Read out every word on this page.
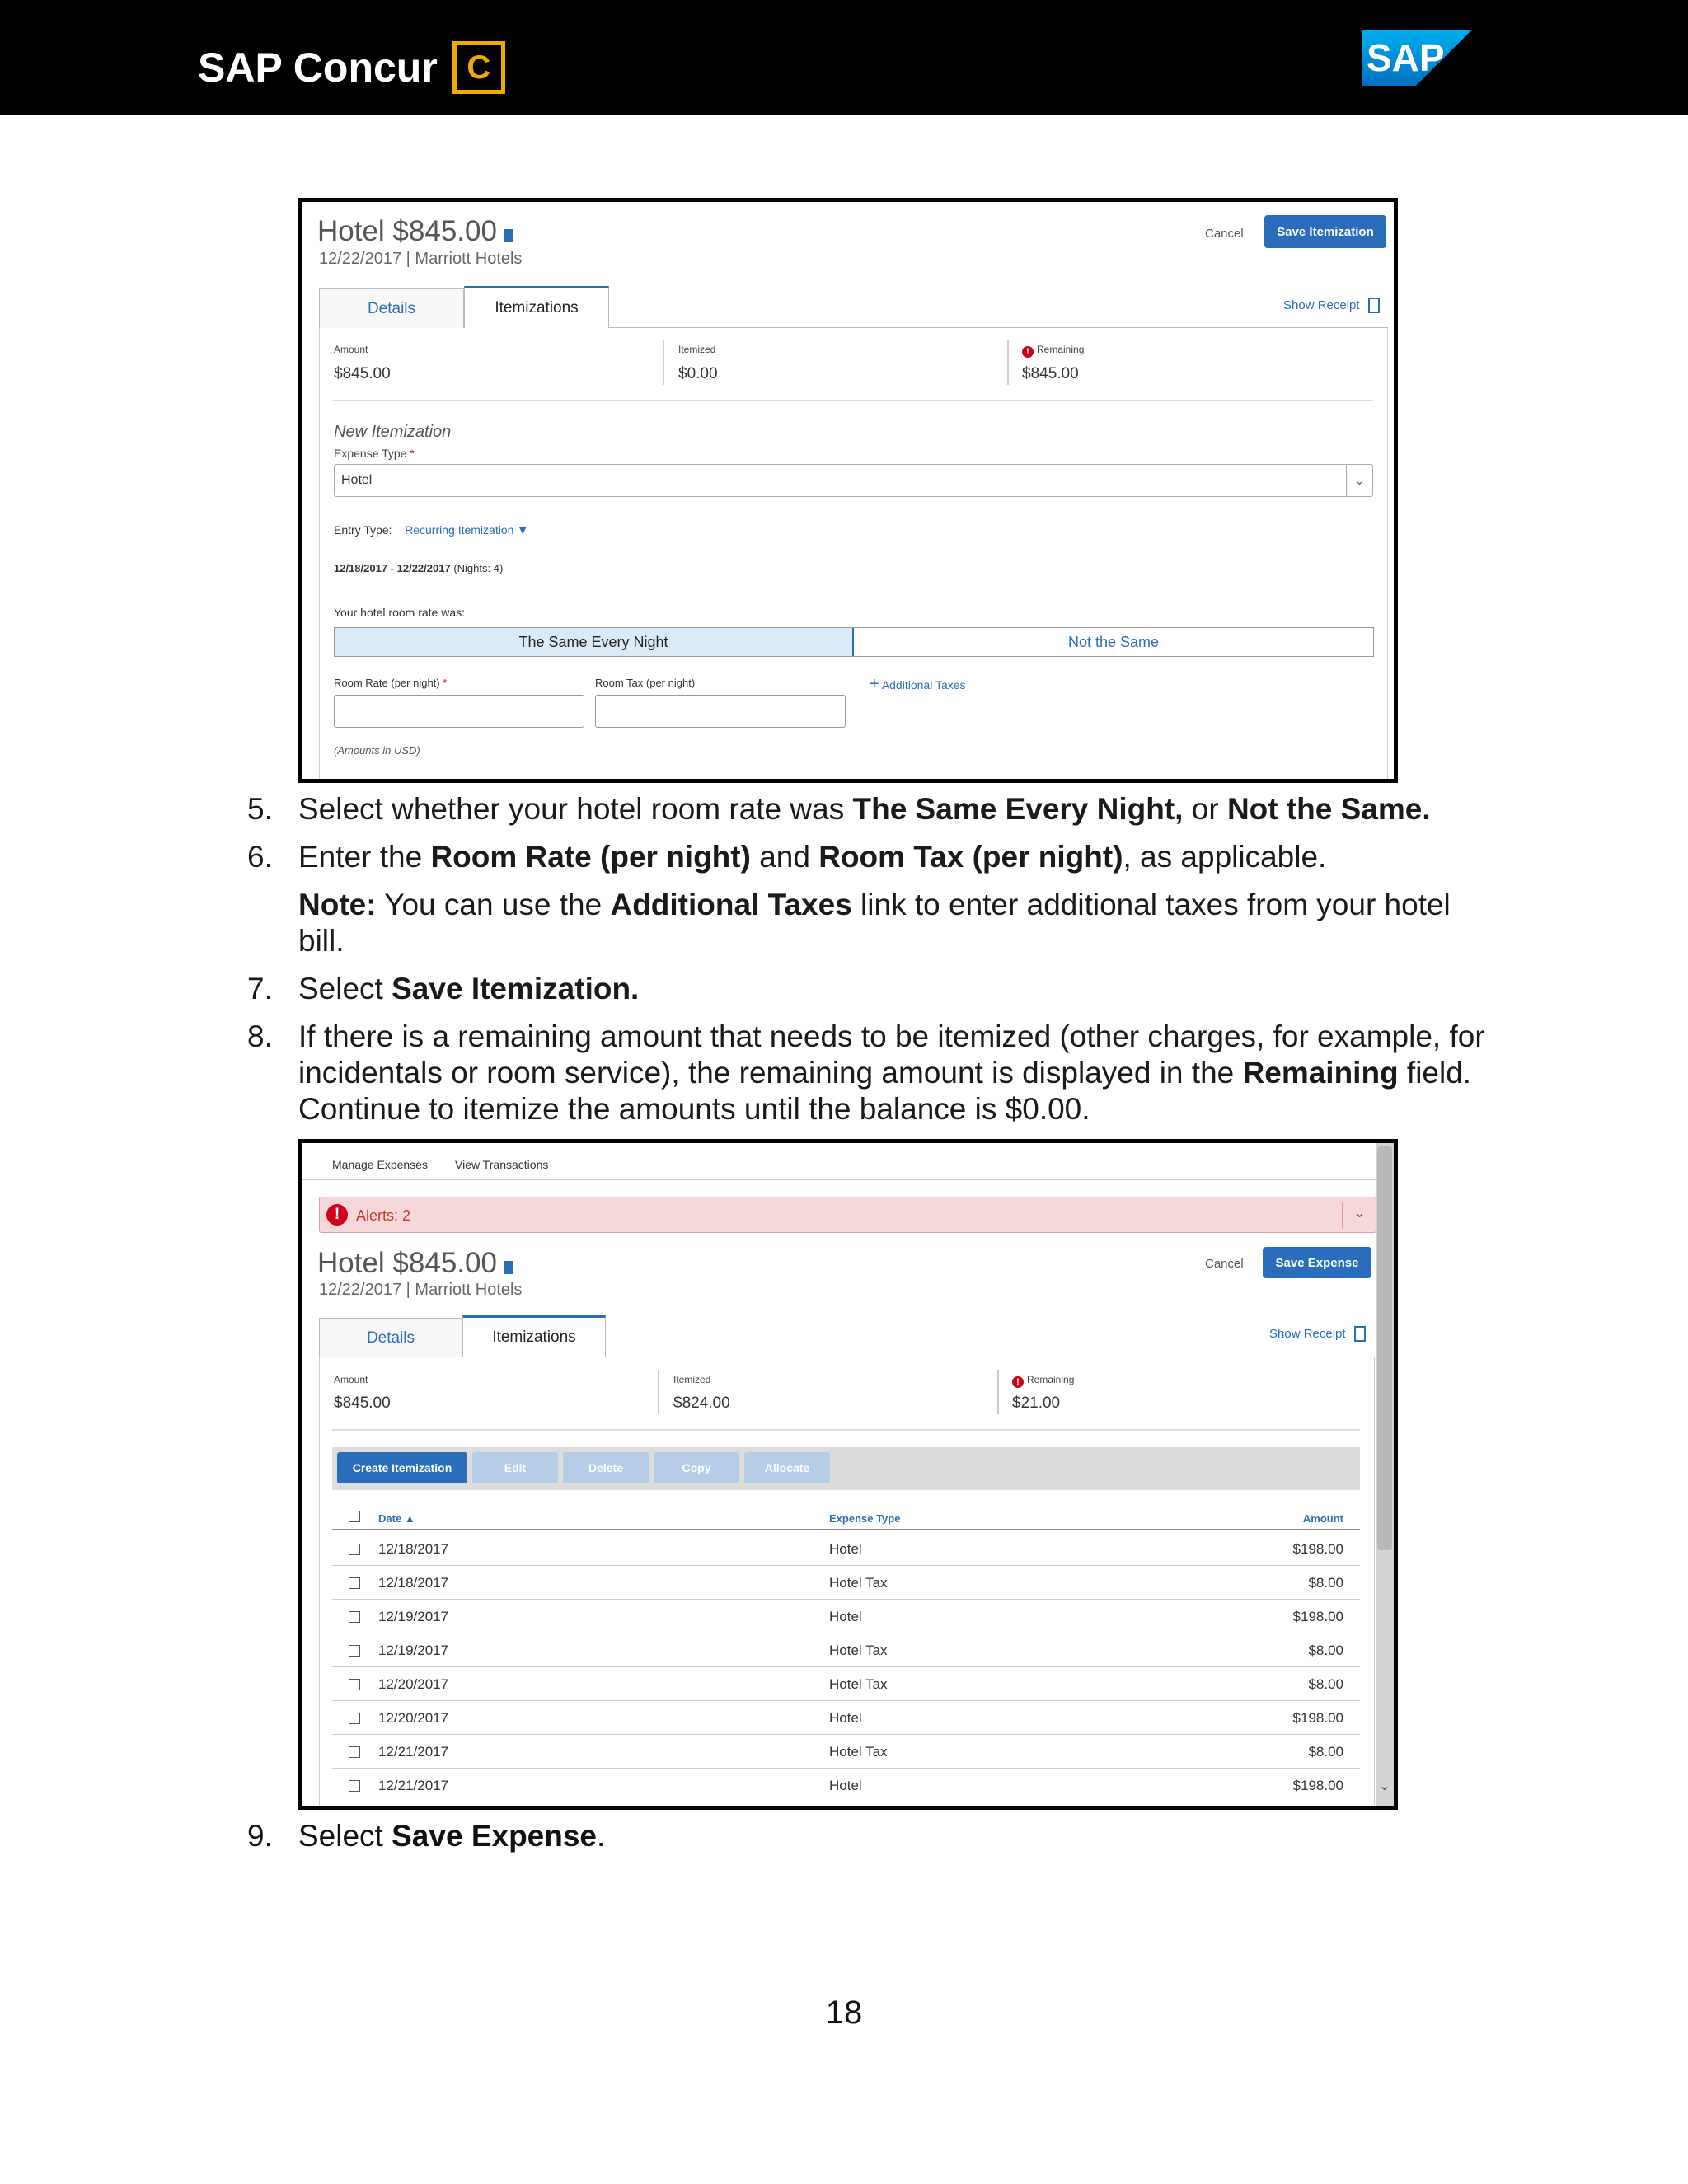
SAP Concur C	SAP
Hotel $845.00
12/22/2017 | Marriott Hotels
Cancel	Save Itemization
Details	Itemizations	Show Receipt
Amount
$845.00
Itemized
$0.00
! Remaining
$845.00
New Itemization
Expense Type *
Hotel	⌄
Entry Type: Recurring Itemization ▼
12/18/2017 - 12/22/2017 (Nights: 4)
Your hotel room rate was:
The Same Every Night	Not the Same
Room Rate (per night) *	Room Tax (per night)	+ Additional Taxes
(Amounts in USD)
5. Select whether your hotel room rate was The Same Every Night, or Not the Same.
6. Enter the Room Rate (per night) and Room Tax (per night), as applicable.
Note: You can use the Additional Taxes link to enter additional taxes from your hotel bill.
7. Select Save Itemization.
8. If there is a remaining amount that needs to be itemized (other charges, for example, for incidentals or room service), the remaining amount is displayed in the Remaining field. Continue to itemize the amounts until the balance is $0.00.
Manage Expenses View Transactions
!	Alerts: 2	⌄
Hotel $845.00
12/22/2017 | Marriott Hotels
Cancel	Save Expense
Details	Itemizations	Show Receipt
Amount
$845.00
Itemized
$824.00
! Remaining
$21.00
Create Itemization	Edit	Delete	Copy	Allocate
Date ▲	Expense Type	Amount
12/18/2017	Hotel	$198.00
12/18/2017	Hotel Tax	$8.00
12/19/2017	Hotel	$198.00
12/19/2017	Hotel Tax	$8.00
12/20/2017	Hotel Tax	$8.00
12/20/2017	Hotel	$198.00
12/21/2017	Hotel Tax	$8.00
12/21/2017	Hotel	$198.00	⌄
9. Select Save Expense.
18
